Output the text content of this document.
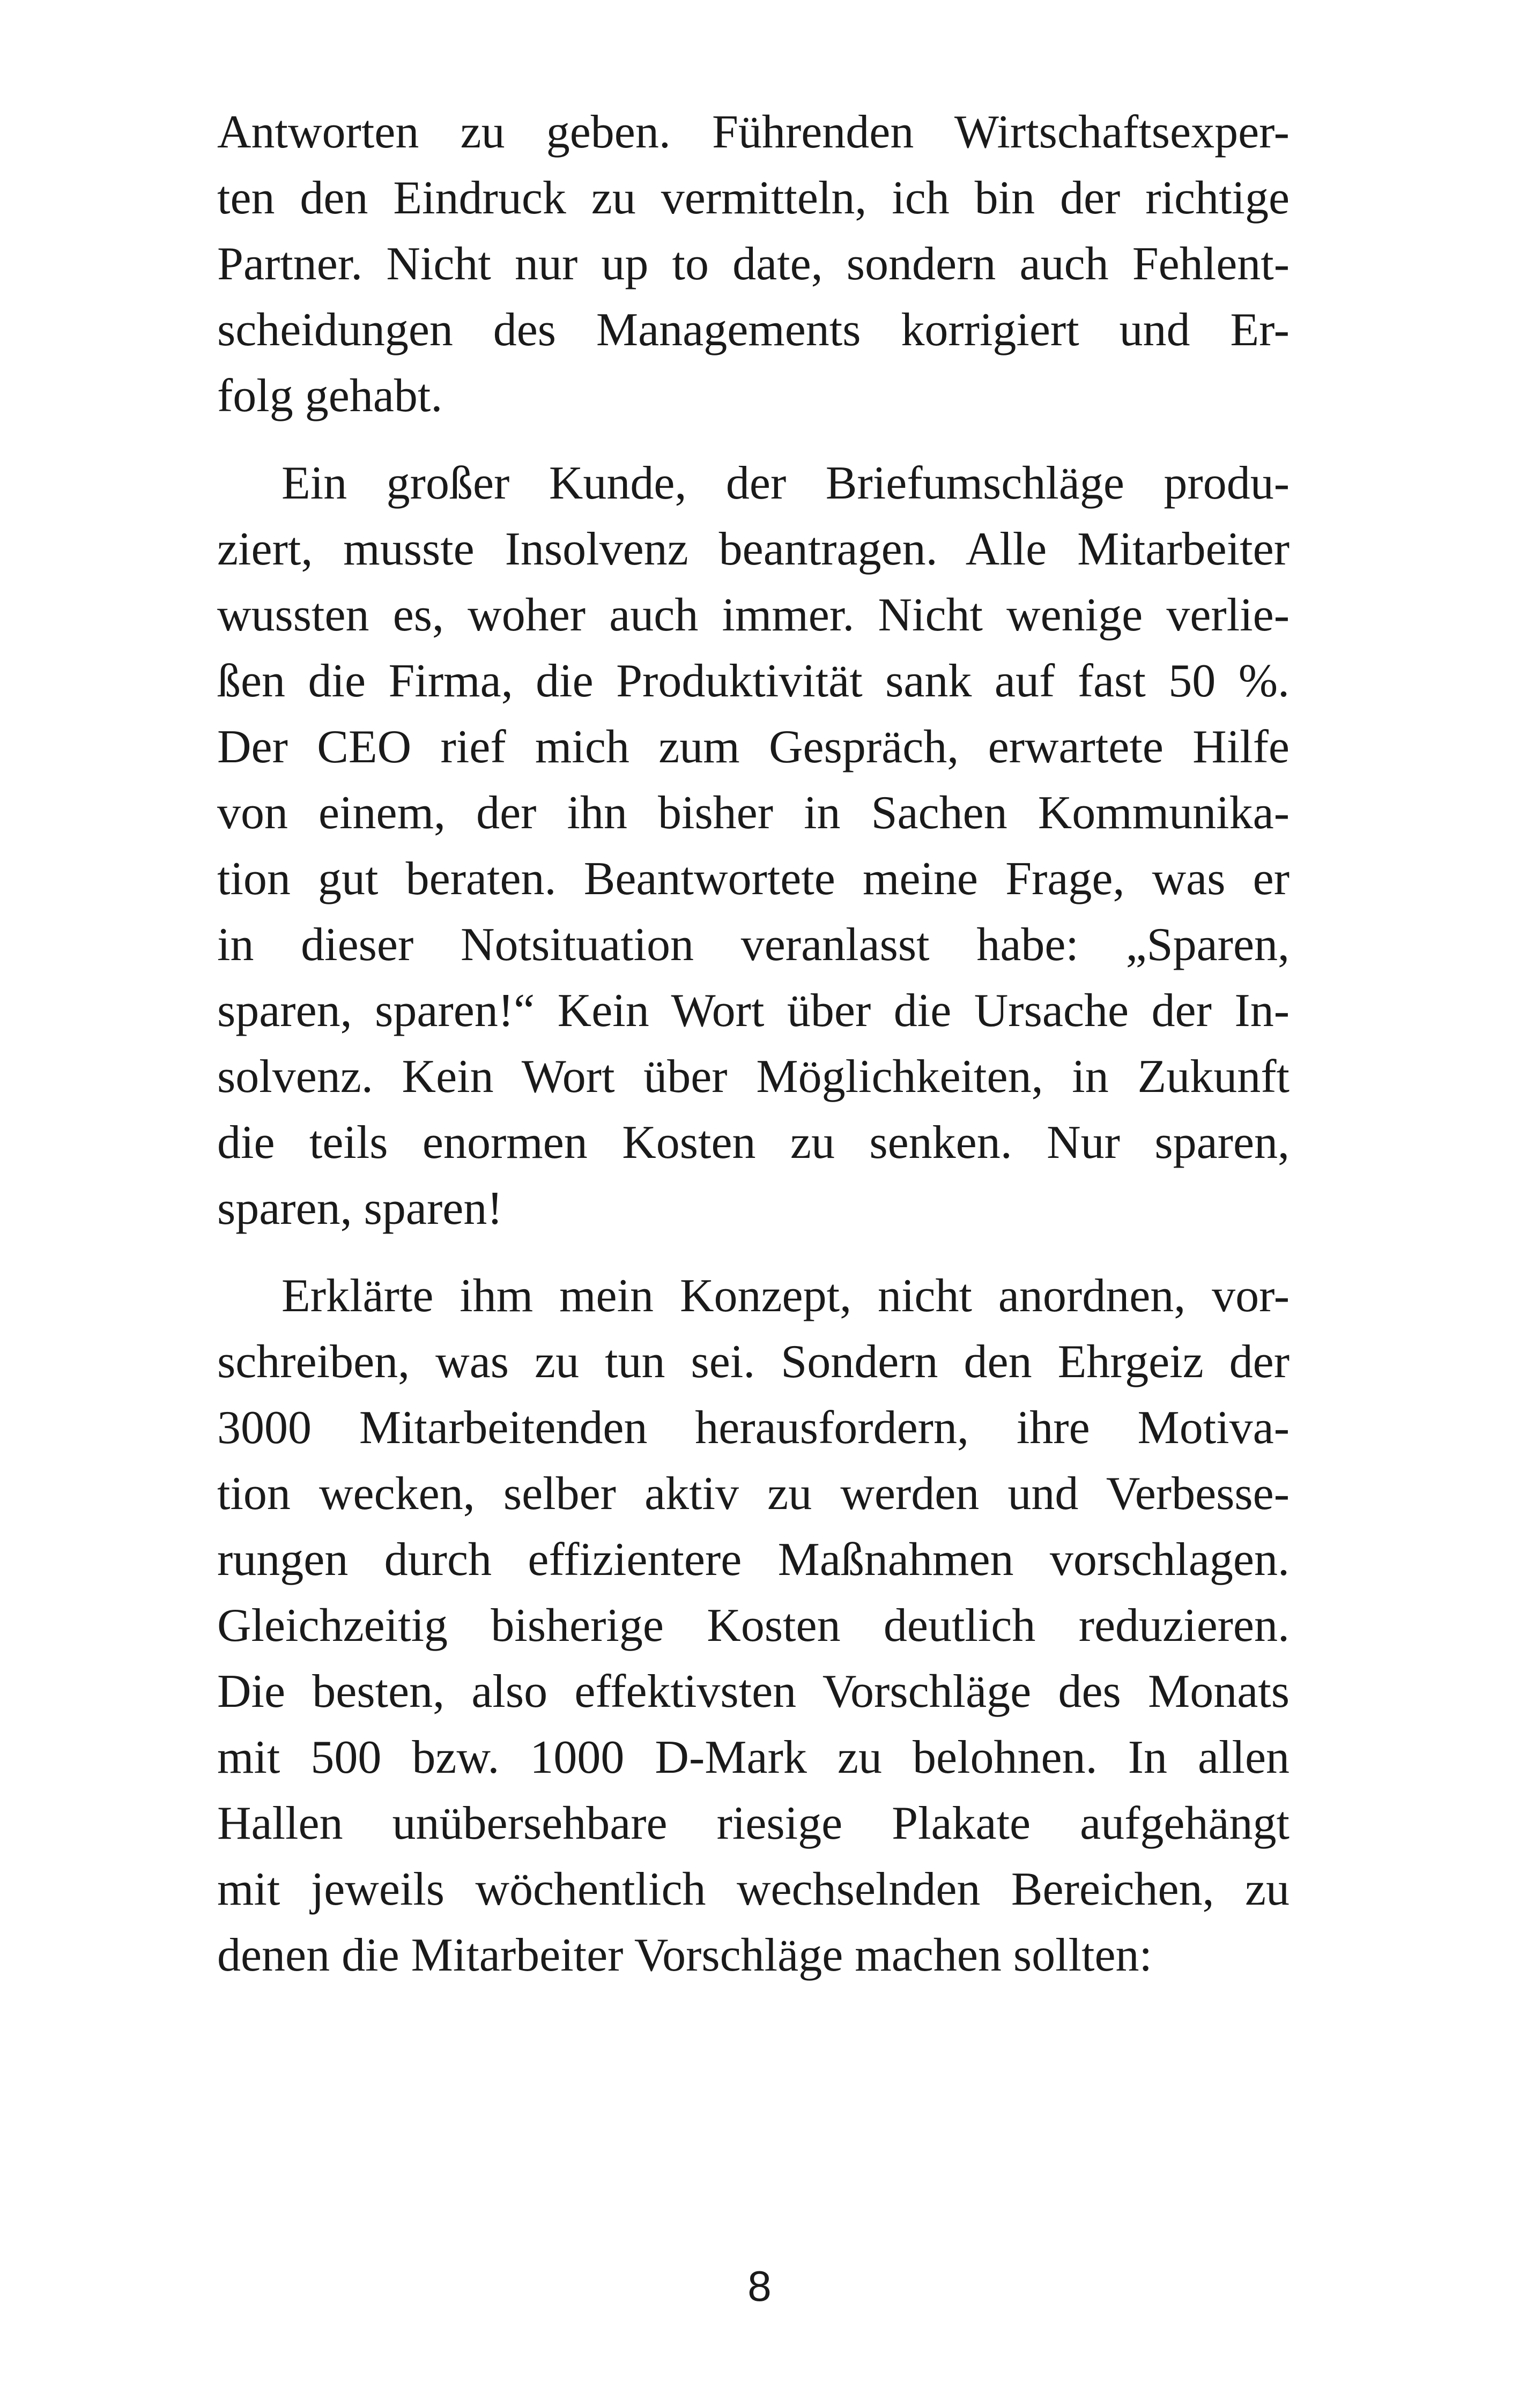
Antworten zu geben. Führenden Wirtschaftsexper-
ten den Eindruck zu vermitteln, ich bin der richtige
Partner. Nicht nur up to date, sondern auch Fehlent-
scheidungen des Managements korrigiert und Er-
folg gehabt.
Ein großer Kunde, der Briefumschläge produ-
ziert, musste Insolvenz beantragen. Alle Mitarbeiter
wussten es, woher auch immer. Nicht wenige verlie-
ßen die Firma, die Produktivität sank auf fast 50 %.
Der CEO rief mich zum Gespräch, erwartete Hilfe
von einem, der ihn bisher in Sachen Kommunika-
tion gut beraten. Beantwortete meine Frage, was er
in dieser Notsituation veranlasst habe: „Sparen,
sparen, sparen!“ Kein Wort über die Ursache der In-
solvenz. Kein Wort über Möglichkeiten, in Zukunft
die teils enormen Kosten zu senken. Nur sparen,
sparen, sparen!
Erklärte ihm mein Konzept, nicht anordnen, vor-
schreiben, was zu tun sei. Sondern den Ehrgeiz der
3000 Mitarbeitenden herausfordern, ihre Motiva-
tion wecken, selber aktiv zu werden und Verbesse-
rungen durch effizientere Maßnahmen vorschlagen.
Gleichzeitig bisherige Kosten deutlich reduzieren.
Die besten, also effektivsten Vorschläge des Monats
mit 500 bzw. 1000 D-Mark zu belohnen. In allen
Hallen unübersehbare riesige Plakate aufgehängt
mit jeweils wöchentlich wechselnden Bereichen, zu
denen die Mitarbeiter Vorschläge machen sollten:
8
